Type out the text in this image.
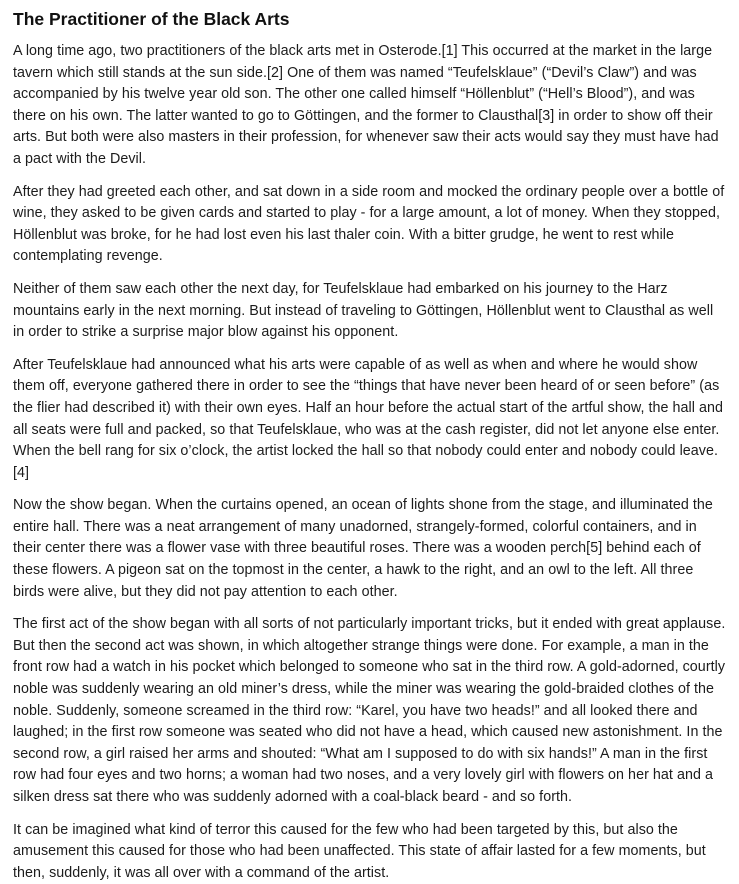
The Practitioner of the Black Arts

A long time ago, two practitioners of the black arts met in Osterode.[1] This occurred at the market in the large tavern which still stands at the sun side.[2] One of them was named “Teufelsklaue” (“Devil’s Claw”) and was accompanied by his twelve year old son. The other one called himself “Höllenblut” (“Hell’s Blood”), and was there on his own. The latter wanted to go to Göttingen, and the former to Clausthal[3] in order to show off their arts. But both were also masters in their profession, for whenever saw their acts would say they must have had a pact with the Devil.

After they had greeted each other, and sat down in a side room and mocked the ordinary people over a bottle of wine, they asked to be given cards and started to play - for a large amount, a lot of money. When they stopped, Höllenblut was broke, for he had lost even his last thaler coin. With a bitter grudge, he went to rest while contemplating revenge.

Neither of them saw each other the next day, for Teufelsklaue had embarked on his journey to the Harz mountains early in the next morning. But instead of traveling to Göttingen, Höllenblut went to Clausthal as well in order to strike a surprise major blow against his opponent.

After Teufelsklaue had announced what his arts were capable of as well as when and where he would show them off, everyone gathered there in order to see the “things that have never been heard of or seen before” (as the flier had described it) with their own eyes. Half an hour before the actual start of the artful show, the hall and all seats were full and packed, so that Teufelsklaue, who was at the cash register, did not let anyone else enter. When the bell rang for six o’clock, the artist locked the hall so that nobody could enter and nobody could leave.[4]

Now the show began. When the curtains opened, an ocean of lights shone from the stage, and illuminated the entire hall. There was a neat arrangement of many unadorned, strangely-formed, colorful containers, and in their center there was a flower vase with three beautiful roses. There was a wooden perch[5] behind each of these flowers. A pigeon sat on the topmost in the center, a hawk to the right, and an owl to the left. All three birds were alive, but they did not pay attention to each other.

The first act of the show began with all sorts of not particularly important tricks, but it ended with great applause. But then the second act was shown, in which altogether strange things were done. For example, a man in the front row had a watch in his pocket which belonged to someone who sat in the third row. A gold-adorned, courtly noble was suddenly wearing an old miner’s dress, while the miner was wearing the gold-braided clothes of the noble. Suddenly, someone screamed in the third row: “Karel, you have two heads!” and all looked there and laughed; in the first row someone was seated who did not have a head, which caused new astonishment. In the second row, a girl raised her arms and shouted: “What am I supposed to do with six hands!” A man in the first row had four eyes and two horns; a woman had two noses, and a very lovely girl with flowers on her hat and a silken dress sat there who was suddenly adorned with a coal-black beard - and so forth.

It can be imagined what kind of terror this caused for the few who had been targeted by this, but also the amusement this caused for those who had been unaffected. This state of affair lasted for a few moments, but then, suddenly, it was all over with a command of the artist.
